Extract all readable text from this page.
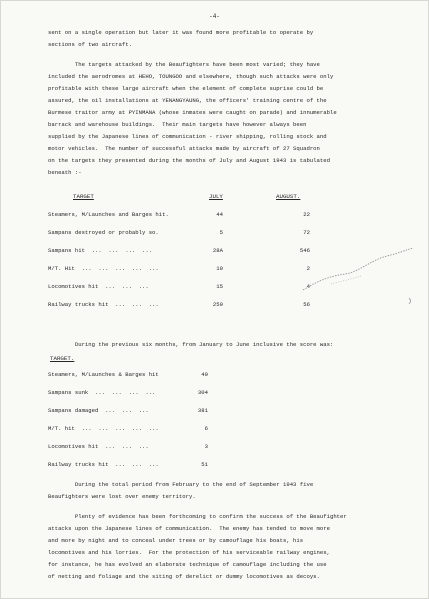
-4-

sent on a single operation but later it was found more profitable to operate by

sections of two aircraft.

The targets attacked by the Beaufighters have been most varied; they have

included the aerodromes at HEHO, TOUNGOO and elsewhere, though such attacks were only

profitable with these large aircraft when the element of complete suprise could be

assured, the oil installations at YENANGYAUNG, the officers' training centre of the

Burmese traitor army at PYINMANA (whose inmates were caught on parade) and innumerable

barrack and warehouse buildings.  Their main targets have however always been

supplied by the Japanese lines of communication - river shipping, rolling stock and

motor vehicles.  The number of successful attacks made by aircraft of 27 Squadron

on the targets they presented during the months of July and August 1943 is tabulated

beneath :-

TARGET	JULY	AUGUST.
Steamers, M/Launches and Barges hit.	44	22
Sampans destroyed or probably so.	5	72
Sampans hit  ...  ...  ...  ...	28A	546
M/T. Hit  ...  ...  ...  ...  ...	10	2
Locomotives hit  ...  ...  ...	15	4
Railway trucks hit  ...  ...  ...	259	56

During the previous six months, from January to June inclusive the score was:

TARGET.
Steamers, M/Launches & Barges hit	40
Sampans sunk  ...  ...  ...  ...	304
Sampans damaged  ...  ...  ...	381
M/T. hit  ...  ...  ...  ...  ...	6
Locomotives hit  ...  ...  ...	3
Railway trucks hit  ...  ...  ...	51

During the total period from February to the end of September 1943 five

Beaufighters were lost over enemy territory.

Plenty of evidence has been forthcoming to confirm the success of the Beaufighter

attacks upon the Japanese lines of communication.  The enemy has tended to move more

and more by night and to conceal under trees or by camouflage his boats, his

locomotives and his lorries.  For the protection of his serviceable railway engines,

for instance, he has evolved an elaborate technique of camouflage including the use

of netting and foliage and the siting of derelict or dummy locomotives as decoys.
